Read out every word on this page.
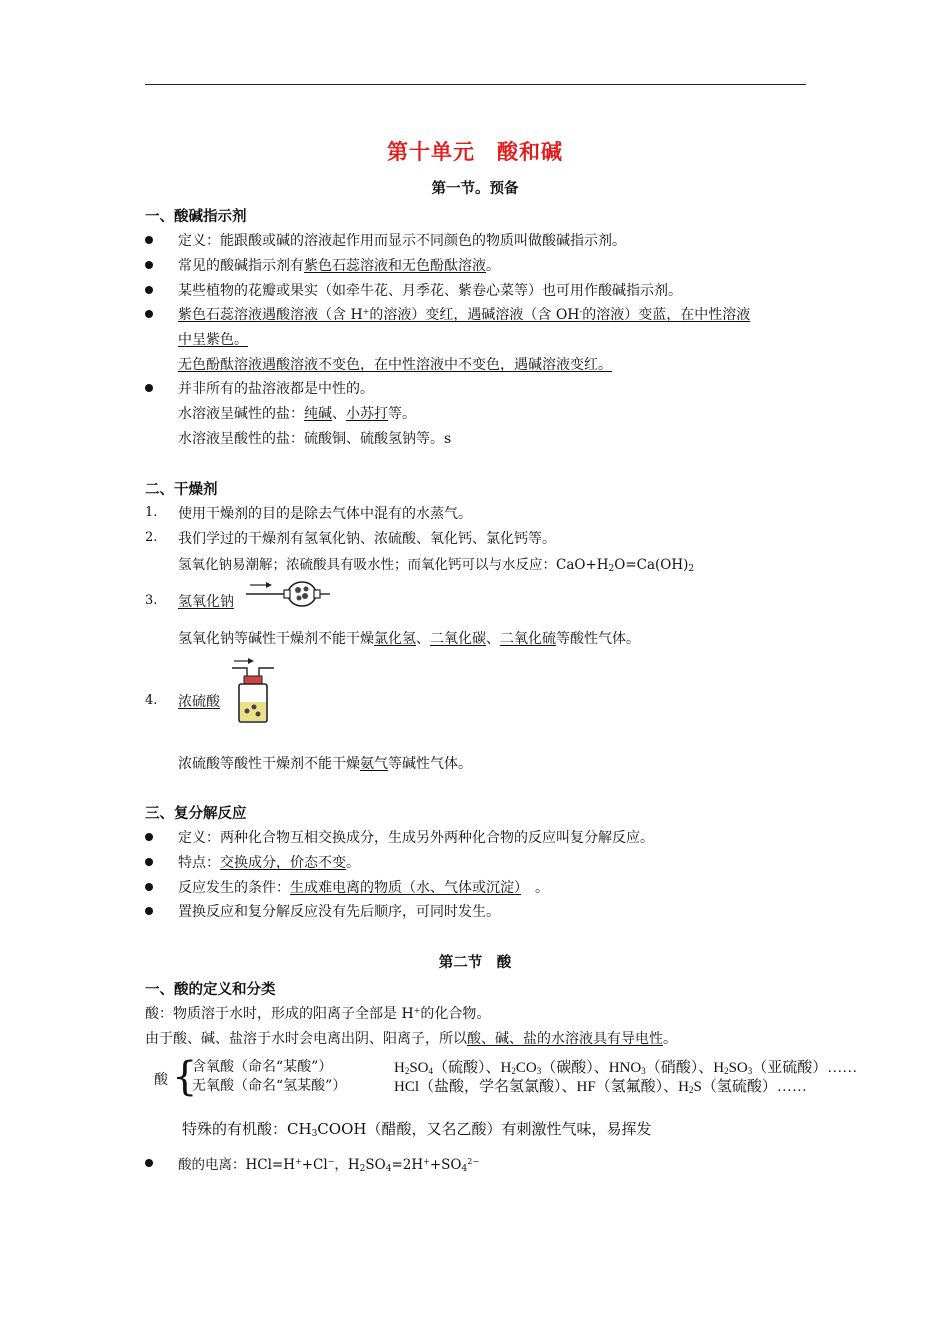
第十单元　酸和碱
第一节。预备
一、酸碱指示剂
定义：能跟酸或碱的溶液起作用而显示不同颜色的物质叫做酸碱指示剂。
常见的酸碱指示剂有紫色石蕊溶液和无色酚酞溶液。
某些植物的花瓣或果实（如牵牛花、月季花、紫卷心菜等）也可用作酸碱指示剂。
紫色石蕊溶液遇酸溶液（含 H+的溶液）变红，遇碱溶液（含 OH-的溶液）变蓝，在中性溶液
中呈紫色。
无色酚酞溶液遇酸溶液不变色，在中性溶液中不变色，遇碱溶液变红。
并非所有的盐溶液都是中性的。
水溶液呈碱性的盐：纯碱、小苏打等。
水溶液呈酸性的盐：硫酸铜、硫酸氢钠等。s
二、干燥剂
1. 使用干燥剂的目的是除去气体中混有的水蒸气。
2. 我们学过的干燥剂有氢氧化钠、浓硫酸、氧化钙、氯化钙等。
氢氧化钠易潮解；浓硫酸具有吸水性；而氧化钙可以与水反应：$CaO+H_2O=Ca(OH)_2$
3. 氢氧化钠
氢氧化钠等碱性干燥剂不能干燥氯化氢、二氧化碳、二氧化硫等酸性气体。
4. 浓硫酸
浓硫酸等酸性干燥剂不能干燥氨气等碱性气体。
三、复分解反应
定义：两种化合物互相交换成分，生成另外两种化合物的反应叫复分解反应。
特点：交换成分，价态不变。
反应发生的条件：生成难电离的物质（水、气体或沉淀）　。
置换反应和复分解反应没有先后顺序，可同时发生。
第二节　酸
一、酸的定义和分类
酸：物质溶于水时，形成的阳离子全部是 H+的化合物。
由于酸、碱、盐溶于水时会电离出阴、阳离子，所以酸、碱、盐的水溶液具有导电性。
酸 {
含氧酸（命名“某酸”）	$H_2SO_4$（硫酸）、$H_2CO_3$（碳酸）、$HNO_3$（硝酸）、$H_2SO_3$（亚硫酸）……
无氧酸（命名“氢某酸”）	HCl（盐酸，学名氢氯酸）、HF（氢氟酸）、$H_2S$（氢硫酸）……
特殊的有机酸：$CH_3COOH$（醋酸，又名乙酸）有刺激性气味，易挥发
酸的电离：HCl=H++Cl−，$H_2SO_4=2H^++SO_4^{2-}$
